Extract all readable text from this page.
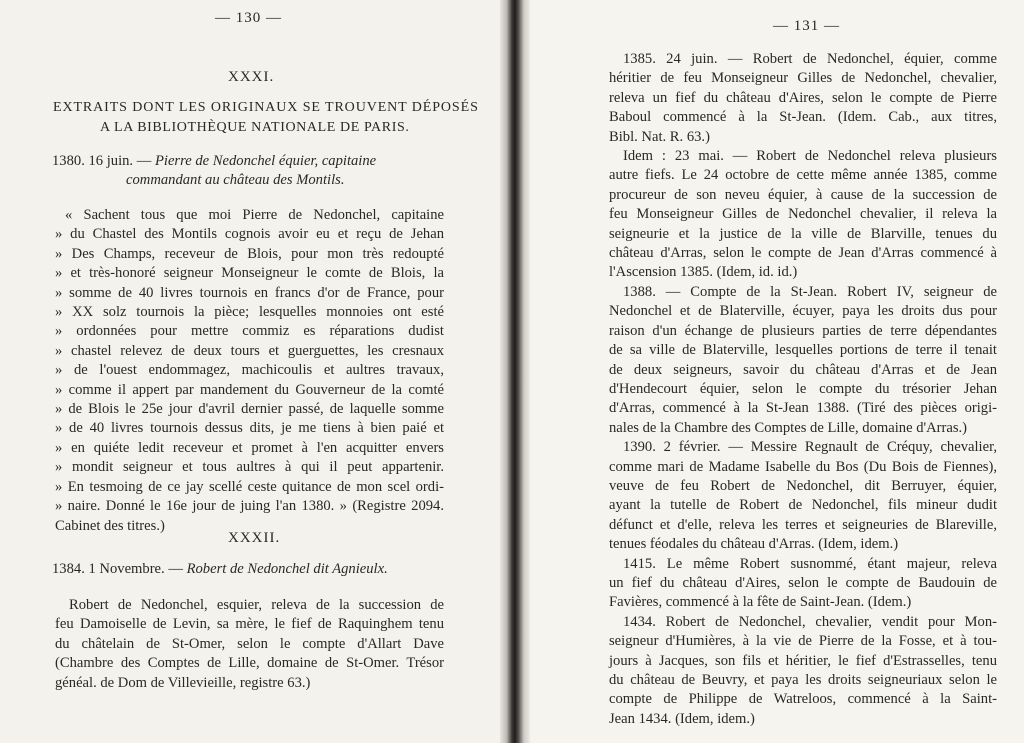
— 130 —
XXXI.
EXTRAITS DONT LES ORIGINAUX SE TROUVENT DÉPOSÉS
A LA BIBLIOTHÈQUE NATIONALE DE PARIS.
1380. 16 juin. — Pierre de Nedonchel équier, capitaine
commandant au château des Montils.
« Sachent tous que moi Pierre de Nedonchel, capitaine
» du Chastel des Montils cognois avoir eu et reçu de Jehan
» Des Champs, receveur de Blois, pour mon très redoupté
» et très-honoré seigneur Monseigneur le comte de Blois, la
» somme de 40 livres tournois en francs d'or de France, pour
» XX solz tournois la pièce; lesquelles monnoies ont esté
» ordonnées pour mettre commiz es réparations dudist
» chastel relevez de deux tours et guerguettes, les cresnaux
» de l'ouest endommagez, machicoulis et aultres travaux,
» comme il appert par mandement du Gouverneur de la comté
» de Blois le 25e jour d'avril dernier passé, de laquelle somme
» de 40 livres tournois dessus dits, je me tiens à bien paié et
» en quiéte ledit receveur et promet à l'en acquitter envers
» mondit seigneur et tous aultres à qui il peut appartenir.
» En tesmoing de ce jay scellé ceste quitance de mon scel ordi-
» naire. Donné le 16e jour de juing l'an 1380. » (Registre 2094.
Cabinet des titres.)
XXXII.
1384. 1 Novembre. — Robert de Nedonchel dit Agnieulx.
Robert de Nedonchel, esquier, releva de la succession de
feu Damoiselle de Levin, sa mère, le fief de Raquinghem tenu
du châtelain de St-Omer, selon le compte d'Allart Dave
(Chambre des Comptes de Lille, domaine de St-Omer. Trésor
généal. de Dom de Villevieille, registre 63.)
— 131 —
1385. 24 juin. — Robert de Nedonchel, équier, comme
héritier de feu Monseigneur Gilles de Nedonchel, chevalier,
releva un fief du château d'Aires, selon le compte de Pierre
Baboul commencé à la St-Jean. (Idem. Cab., aux titres,
Bibl. Nat. R. 63.)
Idem : 23 mai. — Robert de Nedonchel releva plusieurs
autre fiefs. Le 24 octobre de cette même année 1385, comme
procureur de son neveu équier, à cause de la succession de
feu Monseigneur Gilles de Nedonchel chevalier, il releva la
seigneurie et la justice de la ville de Blarville, tenues du
château d'Arras, selon le compte de Jean d'Arras commencé à
l'Ascension 1385. (Idem, id. id.)
1388. — Compte de la St-Jean. Robert IV, seigneur de
Nedonchel et de Blaterville, écuyer, paya les droits dus pour
raison d'un échange de plusieurs parties de terre dépendantes
de sa ville de Blaterville, lesquelles portions de terre il tenait
de deux seigneurs, savoir du château d'Arras et de Jean
d'Hendecourt équier, selon le compte du trésorier Jehan
d'Arras, commencé à la St-Jean 1388. (Tiré des pièces origi-
nales de la Chambre des Comptes de Lille, domaine d'Arras.)
1390. 2 février. — Messire Regnault de Créquy, chevalier,
comme mari de Madame Isabelle du Bos (Du Bois de Fiennes),
veuve de feu Robert de Nedonchel, dit Berruyer, équier,
ayant la tutelle de Robert de Nedonchel, fils mineur dudit
défunct et d'elle, releva les terres et seigneuries de Blareville,
tenues féodales du château d'Arras. (Idem, idem.)
1415. Le même Robert susnommé, étant majeur, releva
un fief du château d'Aires, selon le compte de Baudouin de
Favières, commencé à la fête de Saint-Jean. (Idem.)
1434. Robert de Nedonchel, chevalier, vendit pour Mon-
seigneur d'Humières, à la vie de Pierre de la Fosse, et à tou-
jours à Jacques, son fils et héritier, le fief d'Estrasselles, tenu
du château de Beuvry, et paya les droits seigneuriaux selon le
compte de Philippe de Watreloos, commencé à la Saint-
Jean 1434. (Idem, idem.)
